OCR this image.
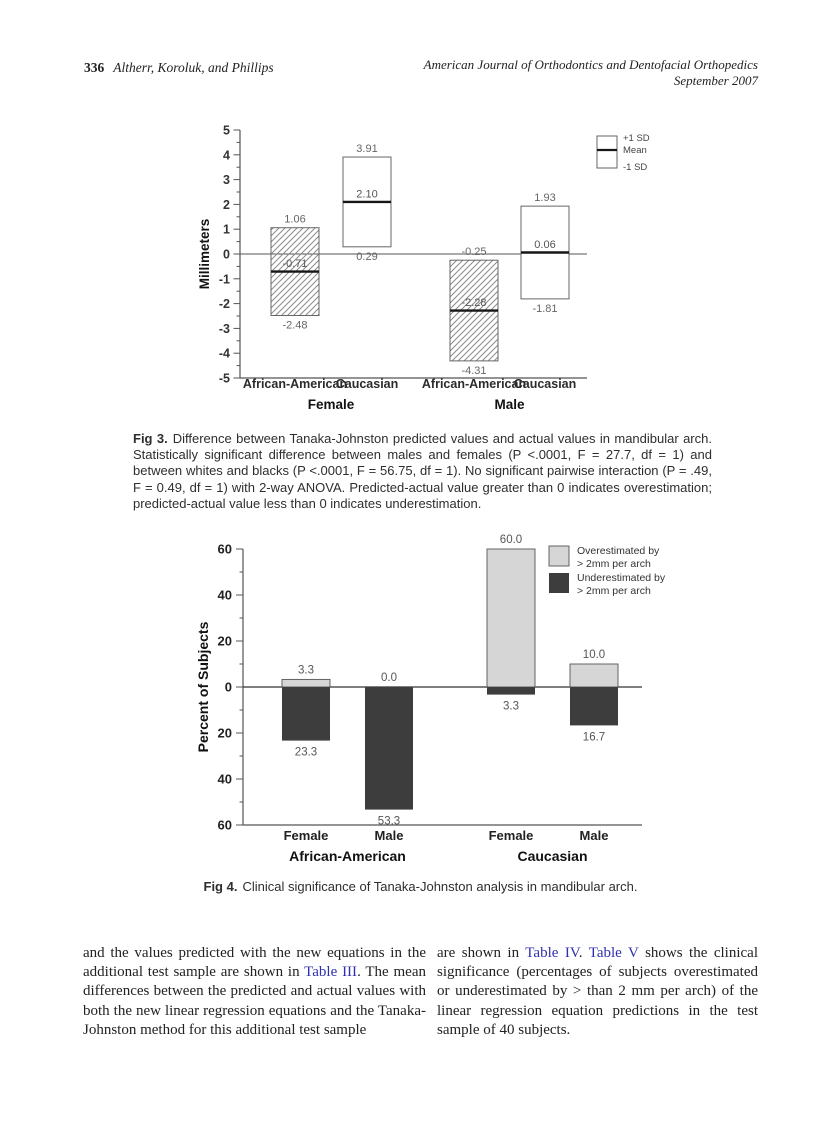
336 Altherr, Koroluk, and Phillips	American Journal of Orthodontics and Dentofacial Orthopedics
September 2007
-5
-4
-3
-2
-1
0
1
2
3
4
5
1.06
-0.71
-2.48
African-American
3.91
2.10
0.29
Caucasian
-0.25
-2.28
-4.31
African-American
1.93
0.06
-1.81
Caucasian
Female	Male
Millimeters
+1 SD
Mean
-1 SD

Fig 3. Difference between Tanaka-Johnston predicted values and actual values in mandibular arch. Statistically significant difference between males and females (P <.0001, F = 27.7, df = 1) and between whites and blacks (P <.0001, F = 56.75, df = 1). No significant pairwise interaction (P = .49, F = 0.49, df = 1) with 2-way ANOVA. Predicted-actual value greater than 0 indicates overestimation; predicted-actual value less than 0 indicates underestimation.

60
40
20
0
20
40
60
3.3
23.3
Female
0.0
53.3
Male
60.0
3.3
Female
10.0
16.7
Male
African-American	Caucasian
Percent of Subjects
Overestimated by
> 2mm per arch
Underestimated by
> 2mm per arch

Fig 4. Clinical significance of Tanaka-Johnston analysis in mandibular arch.

and the values predicted with the new equations in the additional test sample are shown in Table III. The mean differences between the predicted and actual values with both the new linear regression equations and the Tanaka-Johnston method for this additional test sample

are shown in Table IV. Table V shows the clinical significance (percentages of subjects overestimated or underestimated by > than 2 mm per arch) of the linear regression equation predictions in the test sample of 40 subjects.
